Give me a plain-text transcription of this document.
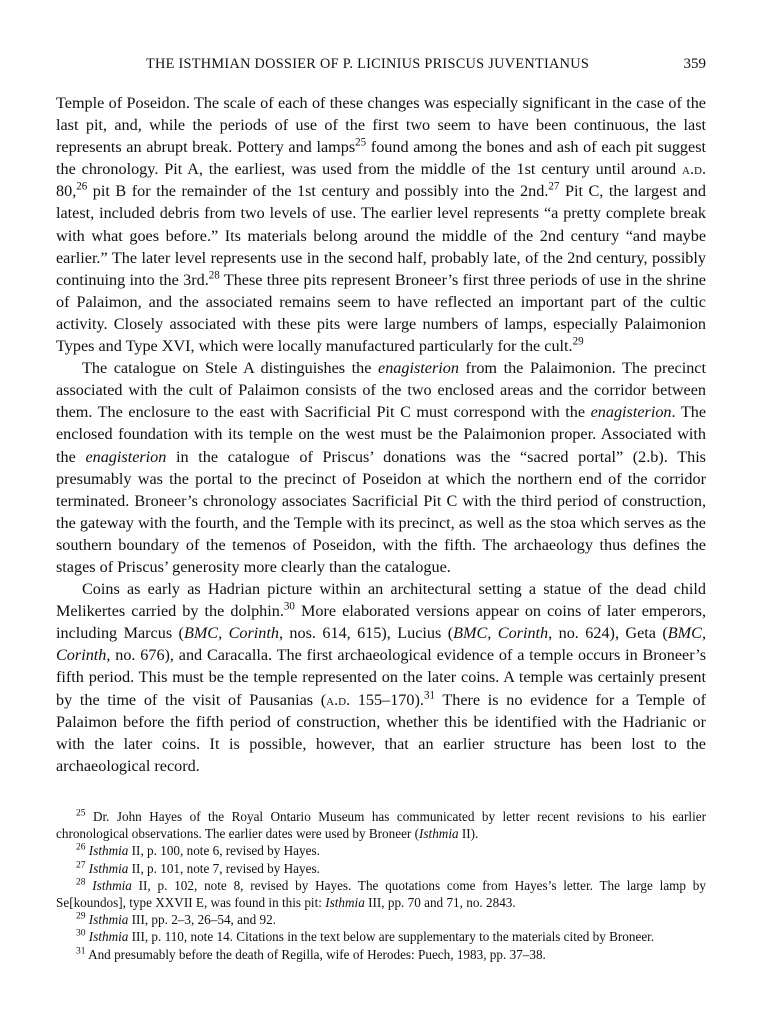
THE ISTHMIAN DOSSIER OF P. LICINIUS PRISCUS JUVENTIANUS	359

Temple of Poseidon. The scale of each of these changes was especially significant in the case of the last pit, and, while the periods of use of the first two seem to have been continuous, the last represents an abrupt break. Pottery and lamps$^{25}$ found among the bones and ash of each pit suggest the chronology. Pit A, the earliest, was used from the middle of the 1st century until around a.d. 80,26 pit B for the remainder of the 1st century and possibly into the 2nd.$^{27}$ Pit C, the largest and latest, included debris from two levels of use. The earlier level represents “a pretty complete break with what goes before.” Its materials belong around the middle of the 2nd century “and maybe earlier.” The later level represents use in the second half, probably late, of the 2nd century, possibly continuing into the 3rd.$^{28}$ These three pits represent Broneer’s first three periods of use in the shrine of Palaimon, and the associated remains seem to have reflected an important part of the cultic activity. Closely associated with these pits were large numbers of lamps, especially Palaimonion Types and Type XVI, which were locally manufactured particularly for the cult.$^{29}$

The catalogue on Stele A distinguishes the enagisterion from the Palaimonion. The precinct associated with the cult of Palaimon consists of the two enclosed areas and the corridor between them. The enclosure to the east with Sacrificial Pit C must correspond with the enagisterion. The enclosed foundation with its temple on the west must be the Palaimonion proper. Associated with the enagisterion in the catalogue of Priscus’ donations was the “sacred portal” (2.b). This presumably was the portal to the precinct of Poseidon at which the northern end of the corridor terminated. Broneer’s chronology associates Sacrificial Pit C with the third period of construction, the gateway with the fourth, and the Temple with its precinct, as well as the stoa which serves as the southern boundary of the temenos of Poseidon, with the fifth. The archaeology thus defines the stages of Priscus’ generosity more clearly than the catalogue.

Coins as early as Hadrian picture within an architectural setting a statue of the dead child Melikertes carried by the dolphin.$^{30}$ More elaborated versions appear on coins of later emperors, including Marcus (BMC, Corinth, nos. 614, 615), Lucius (BMC, Corinth, no. 624), Geta (BMC, Corinth, no. 676), and Caracalla. The first archaeological evidence of a temple occurs in Broneer’s fifth period. This must be the temple represented on the later coins. A temple was certainly present by the time of the visit of Pausanias (a.d. 155–170).$^{31}$ There is no evidence for a Temple of Palaimon before the fifth period of construction, whether this be identified with the Hadrianic or with the later coins. It is possible, however, that an earlier structure has been lost to the archaeological record.

$^{25}$ Dr. John Hayes of the Royal Ontario Museum has communicated by letter recent revisions to his earlier chronological observations. The earlier dates were used by Broneer (Isthmia II).

$^{26}$ Isthmia II, p. 100, note 6, revised by Hayes.

$^{27}$ Isthmia II, p. 101, note 7, revised by Hayes.

$^{28}$ Isthmia II, p. 102, note 8, revised by Hayes. The quotations come from Hayes’s letter. The large lamp by Se[koundos], type XXVII E, was found in this pit: Isthmia III, pp. 70 and 71, no. 2843.

$^{29}$ Isthmia III, pp. 2–3, 26–54, and 92.

$^{30}$ Isthmia III, p. 110, note 14. Citations in the text below are supplementary to the materials cited by Broneer.

$^{31}$ And presumably before the death of Regilla, wife of Herodes: Puech, 1983, pp. 37–38.
